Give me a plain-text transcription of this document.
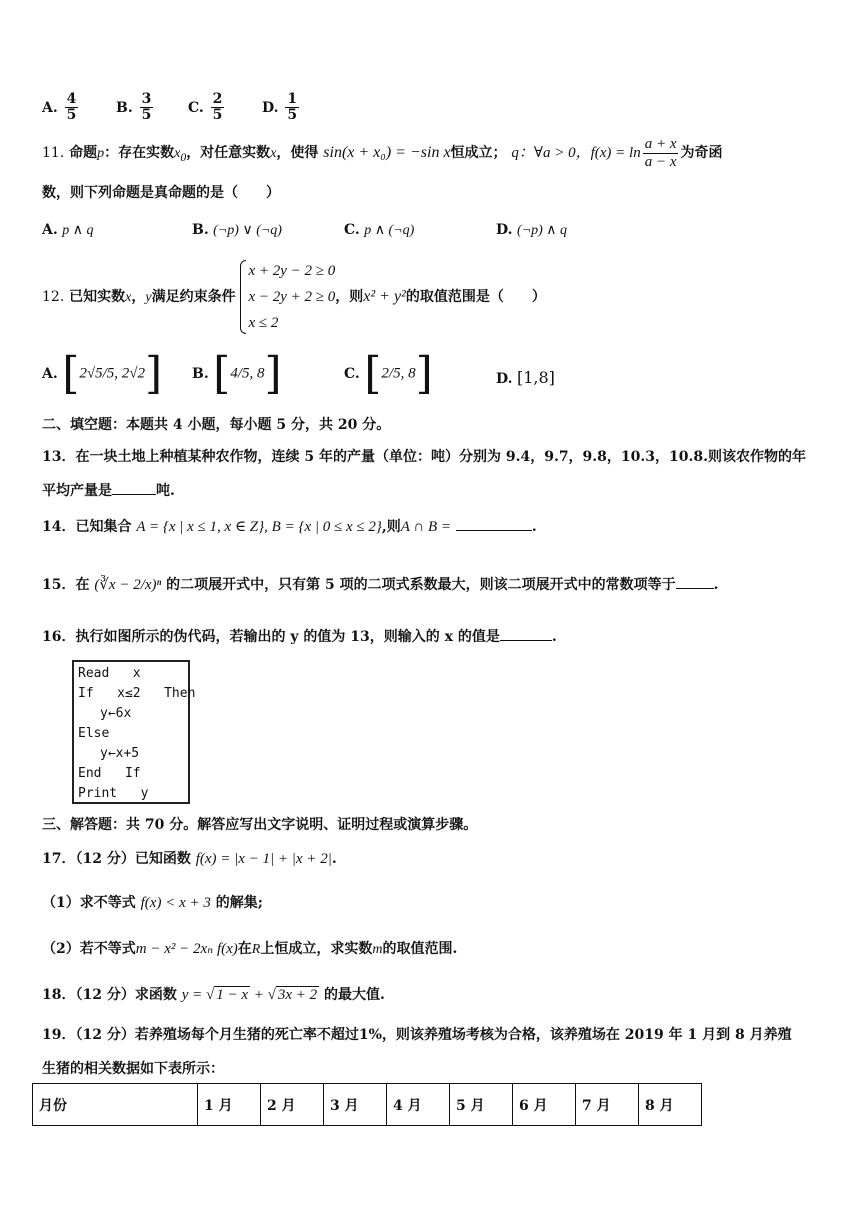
A. $\frac{4}{5}$	B. $\frac{3}{5} C$. $\frac{2}{5}$	D. $\frac{1}{5}$
11. 命题p：存在实数$x_0$，对任意实数x，使得 sin(x + x₀) = −sin x恒成立； q：∀a > 0，$f(x) = \ln \frac{a + x}{a - x}$ 为奇函
数，则下列命题是真命题的是（　　）
A. p ∧ q	B. (¬p) ∨ (¬q)	C. p ∧ (¬q)	D. (¬p) ∧ q
12. 已知实数x，y满足约束条件
x + 2y − 2 ≥ 0
x − 2y + 2 ≥ 0
x ≤ 2
，则x² + y²的取值范围是（　　）
A. [2√5/5, 2√2] B. [4/5, 8]	C. [2/5, 8]	D. [1,8]
二、填空题：本题共 4 小题，每小题 5 分，共 20 分。
13．在一块土地上种植某种农作物，连续 5 年的产量（单位：吨）分别为 9.4，9.7，9.8，10.3，10.8.则该农作物的年
平均产量是	吨.
14．已知集合 A = {x | x ≤ 1, x ∈ Z}, B = {x | 0 ≤ x ≤ 2},则A ∩ B =	.
15．在 (∛x − 2/x)ⁿ 的二项展开式中，只有第 5 项的二项式系数最大，则该二项展开式中的常数项等于	.
16．执行如图所示的伪代码，若输出的 y 的值为 13，则输入的 x 的值是	.
Read   x
If   x≤2   Then
y←6x
Else
y←x+5
End   If
Print   y
三、解答题：共 70 分。解答应写出文字说明、证明过程或演算步骤。
17．（12 分）已知函数 f(x) = |x − 1| + |x + 2|.
（1）求不等式 f(x) < x + 3 的解集;
（2）若不等式m − x² − 2xₙ f(x)在R上恒成立，求实数m的取值范围.
18．（12 分）求函数 y = √ 1 − x + √ 3x + 2 的最大值.
19．（12 分）若养殖场每个月生猪的死亡率不超过1%，则该养殖场考核为合格，该养殖场在 2019 年 1 月到 8 月养殖
生猪的相关数据如下表所示：
月份	1 月	2 月	3 月	4 月	5 月	6 月	7 月	8 月
